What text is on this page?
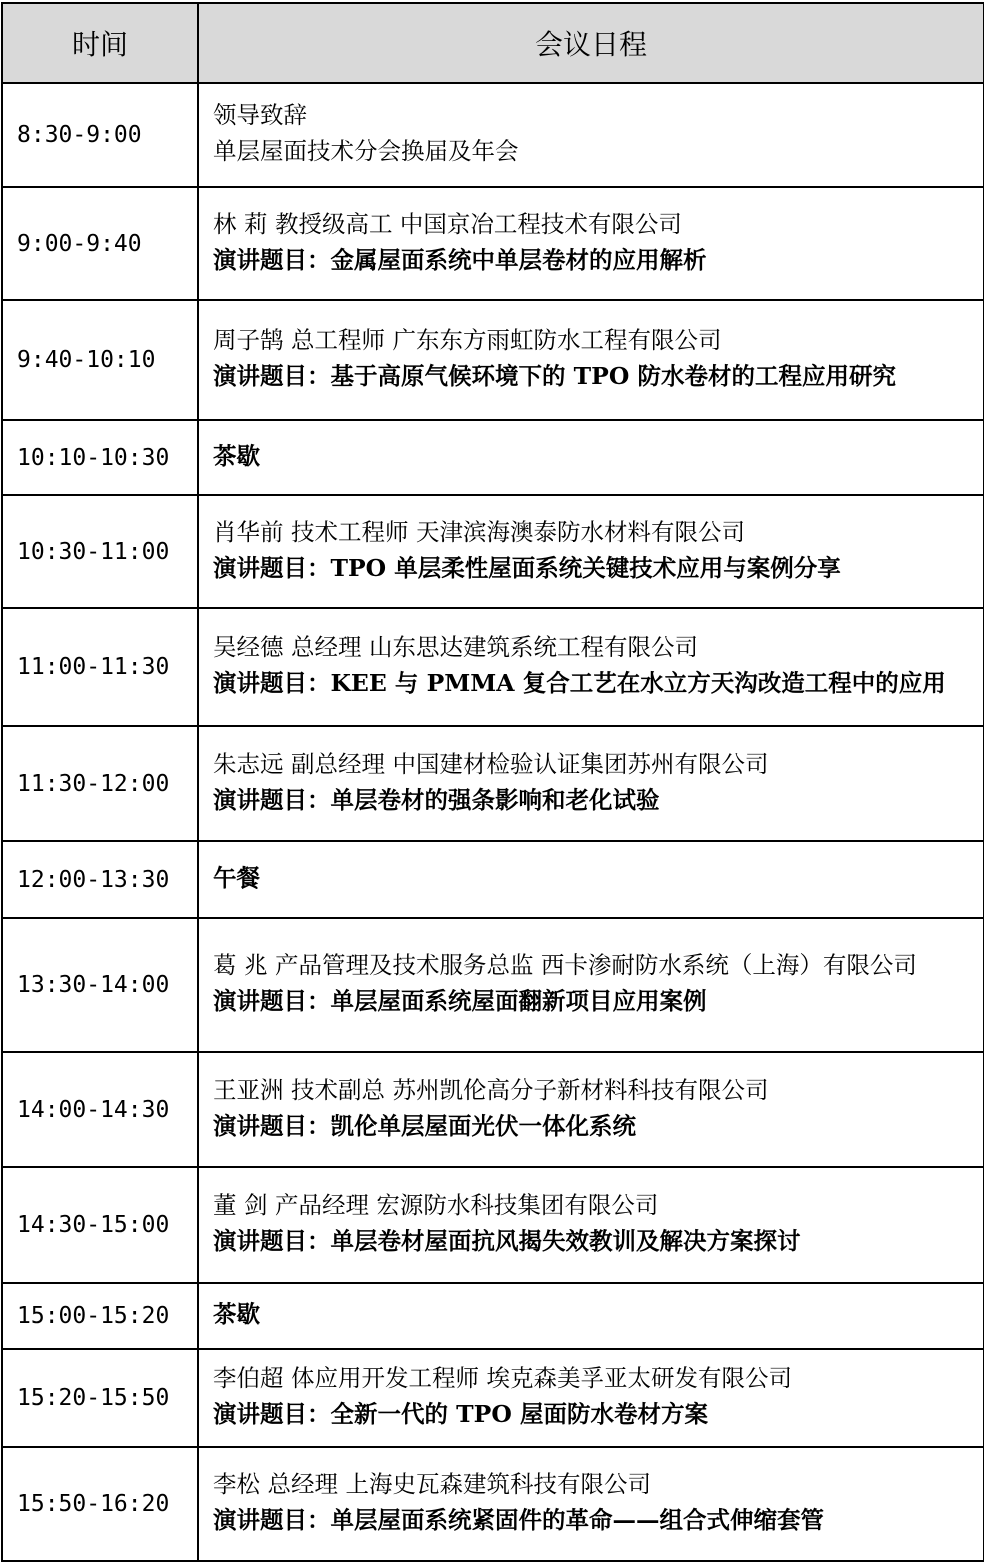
时间	会议日程
8:30-9:00	领导致辞
单层屋面技术分会换届及年会

9:00-9:40	林 莉 教授级高工 中国京冶工程技术有限公司
演讲题目：金属屋面系统中单层卷材的应用解析

9:40-10:10	周子鹄 总工程师 广东东方雨虹防水工程有限公司
演讲题目：基于高原气候环境下的 TPO 防水卷材的工程应用研究

10:10-10:30	茶歇

10:30-11:00	肖华前 技术工程师 天津滨海澳泰防水材料有限公司
演讲题目：TPO 单层柔性屋面系统关键技术应用与案例分享

11:00-11:30	吴经德 总经理 山东思达建筑系统工程有限公司
演讲题目：KEE 与 PMMA 复合工艺在水立方天沟改造工程中的应用

11:30-12:00	朱志远 副总经理 中国建材检验认证集团苏州有限公司
演讲题目：单层卷材的强条影响和老化试验

12:00-13:30	午餐

13:30-14:00	葛 兆 产品管理及技术服务总监 西卡渗耐防水系统（上海）有限公司
演讲题目：单层屋面系统屋面翻新项目应用案例

14:00-14:30	王亚洲 技术副总 苏州凯伦高分子新材料科技有限公司
演讲题目：凯伦单层屋面光伏一体化系统

14:30-15:00	董 剑 产品经理 宏源防水科技集团有限公司
演讲题目：单层卷材屋面抗风揭失效教训及解决方案探讨

15:00-15:20	茶歇

15:20-15:50	李伯超 体应用开发工程师 埃克森美孚亚太研发有限公司
演讲题目：全新一代的 TPO 屋面防水卷材方案

15:50-16:20	李松 总经理 上海史瓦森建筑科技有限公司
演讲题目：单层屋面系统紧固件的革命——组合式伸缩套管
